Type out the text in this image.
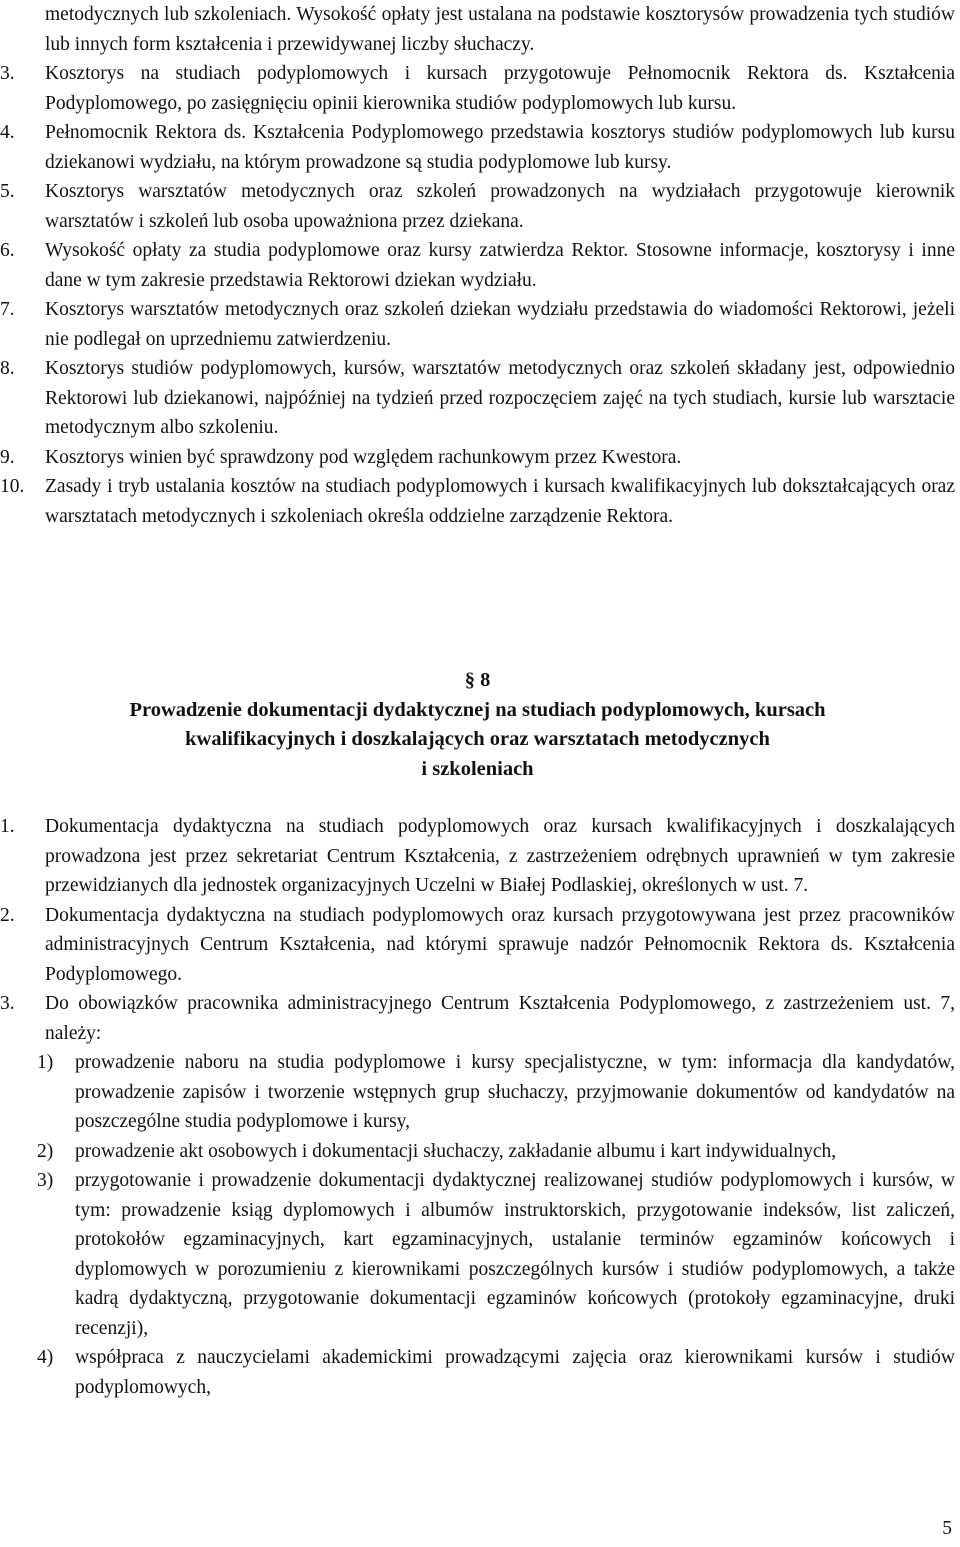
metodycznych lub szkoleniach. Wysokość opłaty jest ustalana na podstawie kosztorysów prowadzenia tych studiów lub innych form kształcenia i przewidywanej liczby słuchaczy.

3. Kosztorys na studiach podyplomowych i kursach przygotowuje Pełnomocnik Rektora ds. Kształcenia Podyplomowego, po zasięgnięciu opinii kierownika studiów podyplomowych lub kursu.

4. Pełnomocnik Rektora ds. Kształcenia Podyplomowego przedstawia kosztorys studiów podyplomowych lub kursu dziekanowi wydziału, na którym prowadzone są studia podyplomowe lub kursy.

5. Kosztorys warsztatów metodycznych oraz szkoleń prowadzonych na wydziałach przygotowuje kierownik warsztatów i szkoleń lub osoba upoważniona przez dziekana.

6. Wysokość opłaty za studia podyplomowe oraz kursy zatwierdza Rektor. Stosowne informacje, kosztorysy i inne dane w tym zakresie przedstawia Rektorowi dziekan wydziału.

7. Kosztorys warsztatów metodycznych oraz szkoleń dziekan wydziału przedstawia do wiadomości Rektorowi, jeżeli nie podlegał on uprzedniemu zatwierdzeniu.

8. Kosztorys studiów podyplomowych, kursów, warsztatów metodycznych oraz szkoleń składany jest, odpowiednio Rektorowi lub dziekanowi, najpóźniej na tydzień przed rozpoczęciem zajęć na tych studiach, kursie lub warsztacie metodycznym albo szkoleniu.

9. Kosztorys winien być sprawdzony pod względem rachunkowym przez Kwestora.

10. Zasady i tryb ustalania kosztów na studiach podyplomowych i kursach kwalifikacyjnych lub dokształcających oraz warsztatach metodycznych i szkoleniach określa oddzielne zarządzenie Rektora.

§ 8
Prowadzenie dokumentacji dydaktycznej na studiach podyplomowych, kursach
kwalifikacyjnych i doszkalających oraz warsztatach metodycznych
i szkoleniach
1. Dokumentacja dydaktyczna na studiach podyplomowych oraz kursach kwalifikacyjnych i doszkalających prowadzona jest przez sekretariat Centrum Kształcenia, z zastrzeżeniem odrębnych uprawnień w tym zakresie przewidzianych dla jednostek organizacyjnych Uczelni w Białej Podlaskiej, określonych w ust. 7.

2. Dokumentacja dydaktyczna na studiach podyplomowych oraz kursach przygotowywana jest przez pracowników administracyjnych Centrum Kształcenia, nad którymi sprawuje nadzór Pełnomocnik Rektora ds. Kształcenia Podyplomowego.

3. Do obowiązków pracownika administracyjnego Centrum Kształcenia Podyplomowego, z zastrzeżeniem ust. 7, należy:

1) prowadzenie naboru na studia podyplomowe i kursy specjalistyczne, w tym: informacja dla kandydatów, prowadzenie zapisów i tworzenie wstępnych grup słuchaczy, przyjmowanie dokumentów od kandydatów na poszczególne studia podyplomowe i kursy,

2) prowadzenie akt osobowych i dokumentacji słuchaczy, zakładanie albumu i kart indywidualnych,

3) przygotowanie i prowadzenie dokumentacji dydaktycznej realizowanej studiów podyplomowych i kursów, w tym: prowadzenie ksiąg dyplomowych i albumów instruktorskich, przygotowanie indeksów, list zaliczeń, protokołów egzaminacyjnych, kart egzaminacyjnych, ustalanie terminów egzaminów końcowych i dyplomowych w porozumieniu z kierownikami poszczególnych kursów i studiów podyplomowych, a także kadrą dydaktyczną, przygotowanie dokumentacji egzaminów końcowych (protokoły egzaminacyjne, druki recenzji),

4) współpraca z nauczycielami akademickimi prowadzącymi zajęcia oraz kierownikami kursów i studiów podyplomowych,

5
